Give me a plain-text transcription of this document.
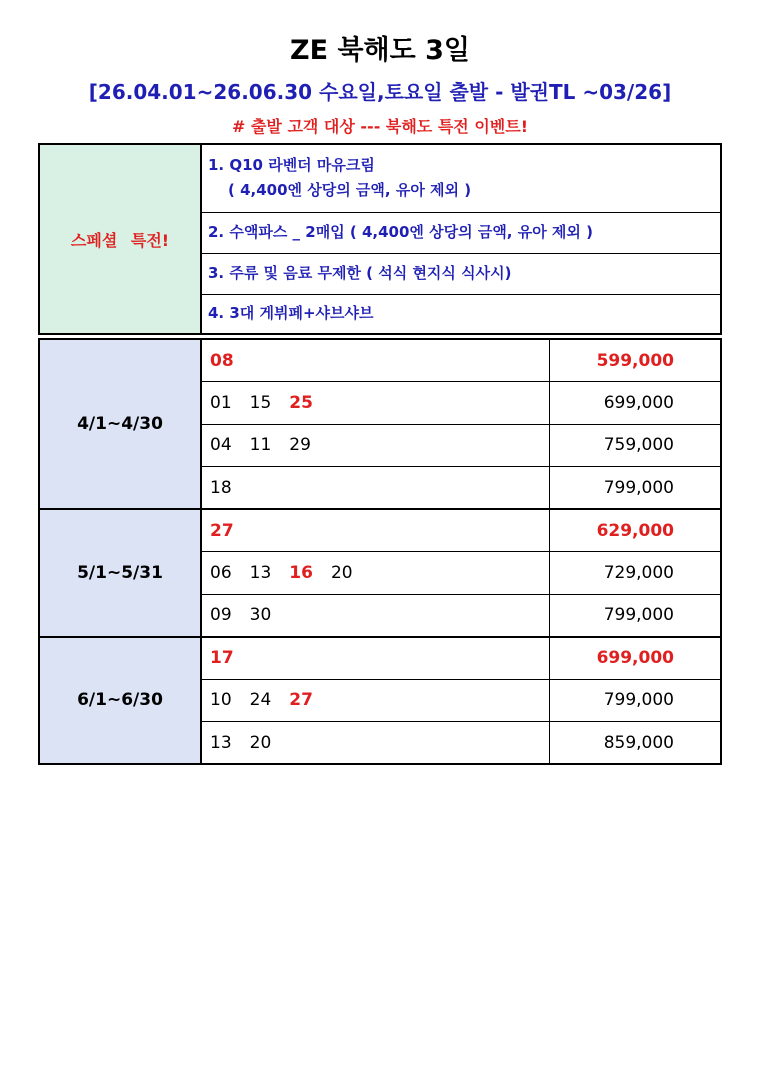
ZE 북해도 3일
[26.04.01~26.06.30 수요일,토요일 출발 - 발권TL ~03/26]
# 출발 고객 대상 --- 북해도 특전 이벤트!
스페셜 특전!	
1. Q10 라벤더 마유크림
( 4,400엔 상당의 금액, 유아 제외 )

2. 수액파스 _ 2매입 ( 4,400엔 상당의 금액, 유아 제외 )
3. 주류 및 음료 무제한 ( 석식 현지식 식사시)
4. 3대 게뷔페+샤브샤브
4/1~4/30	08	599,000
	01 15 25	699,000
	04 11 29	759,000
	18	799,000
5/1~5/31	27	629,000
	06 13 16 20	729,000
	09 30	799,000
6/1~6/30	17	699,000
	10 24 27	799,000
	13 20	859,000
